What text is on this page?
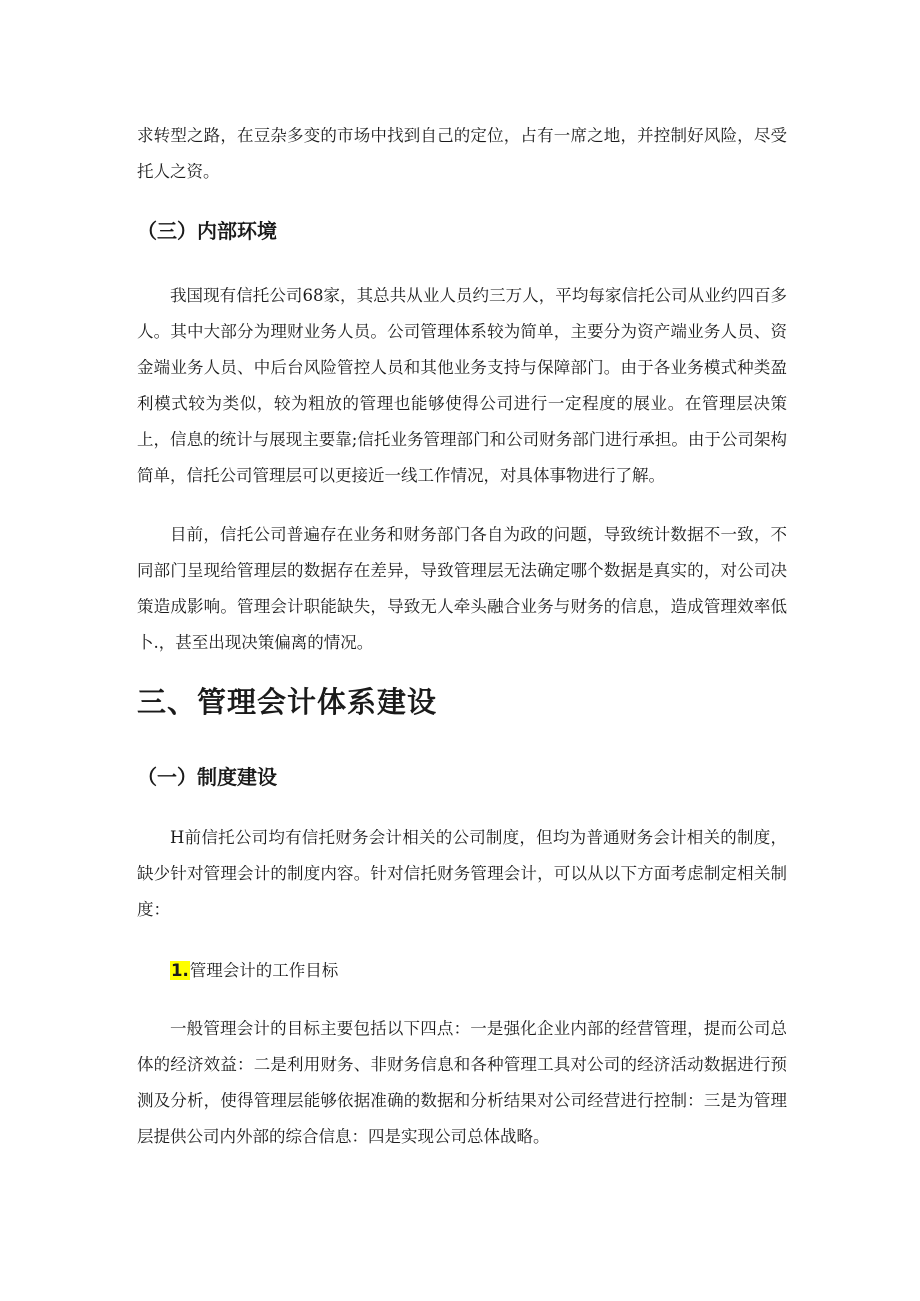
求转型之路，在豆杂多变的市场中找到自己的定位，占有一席之地，并控制好风险，尽受托人之资。

（三）内部环境

我国现有信托公司68家，其总共从业人员约三万人，平均每家信托公司从业约四百多人。其中大部分为理财业务人员。公司管理体系较为简单，主要分为资产端业务人员、资金端业务人员、中后台风险管控人员和其他业务支持与保障部门。由于各业务模式种类盈利模式较为类似，较为粗放的管理也能够使得公司进行一定程度的展业。在管理层决策上，信息的统计与展现主要靠;信托业务管理部门和公司财务部门进行承担。由于公司架构简单，信托公司管理层可以更接近一线工作情况，对具体事物进行了解。

目前，信托公司普遍存在业务和财务部门各自为政的问题，导致统计数据不一致，不同部门呈现给管理层的数据存在差异，导致管理层无法确定哪个数据是真实的，对公司决策造成影响。管理会计职能缺失，导致无人牵头融合业务与财务的信息，造成管理效率低卜.，甚至出现决策偏离的情况。

三、管理会计体系建设
（一）制度建设

H前信托公司均有信托财务会计相关的公司制度，但均为普通财务会计相关的制度，缺少针对管理会计的制度内容。针对信托财务管理会计，可以从以下方面考虑制定相关制度：

1.管理会计的工作目标

一般管理会计的目标主要包括以下四点：一是强化企业内部的经营管理，提而公司总体的经济效益：二是利用财务、非财务信息和各种管理工具对公司的经济活动数据进行预测及分析，使得管理层能够依据准确的数据和分析结果对公司经营进行控制：三是为管理层提供公司内外部的综合信息：四是实现公司总体战略。
